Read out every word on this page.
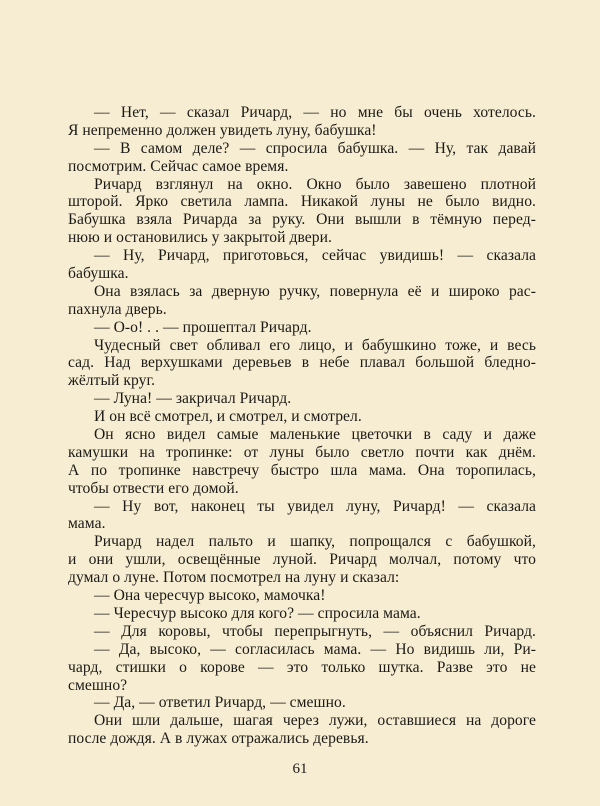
— Нет, — сказал Ричард, — но мне бы очень хотелось.
Я непременно должен увидеть луну, бабушка!
— В самом деле? — спросила бабушка. — Ну, так давай
посмотрим. Сейчас самое время.
Ричард взглянул на окно. Окно было завешено плотной
шторой. Ярко светила лампа. Никакой луны не было видно.
Бабушка взяла Ричарда за руку. Они вышли в тёмную перед-
нюю и остановились у закрытой двери.
— Ну, Ричард, приготовься, сейчас увидишь! — сказала
бабушка.
Она взялась за дверную ручку, повернула её и широко рас-
пахнула дверь.
— О-о! . . — прошептал Ричард.
Чудесный свет обливал его лицо, и бабушкино тоже, и весь
сад. Над верхушками деревьев в небе плавал большой бледно-
жёлтый круг.
— Луна! — закричал Ричард.
И он всё смотрел, и смотрел, и смотрел.
Он ясно видел самые маленькие цветочки в саду и даже
камушки на тропинке: от луны было светло почти как днём.
А по тропинке навстречу быстро шла мама. Она торопилась,
чтобы отвести его домой.
— Ну вот, наконец ты увидел луну, Ричард! — сказала
мама.
Ричард надел пальто и шапку, попрощался с бабушкой,
и они ушли, освещённые луной. Ричард молчал, потому что
думал о луне. Потом посмотрел на луну и сказал:
— Она чересчур высоко, мамочка!
— Чересчур высоко для кого? — спросила мама.
— Для коровы, чтобы перепрыгнуть, — объяснил Ричард.
— Да, высоко, — согласилась мама. — Но видишь ли, Ри-
чард, стишки о корове — это только шутка. Разве это не
смешно?
— Да, — ответил Ричард, — смешно.
Они шли дальше, шагая через лужи, оставшиеся на дороге
после дождя. А в лужах отражались деревья.
61
